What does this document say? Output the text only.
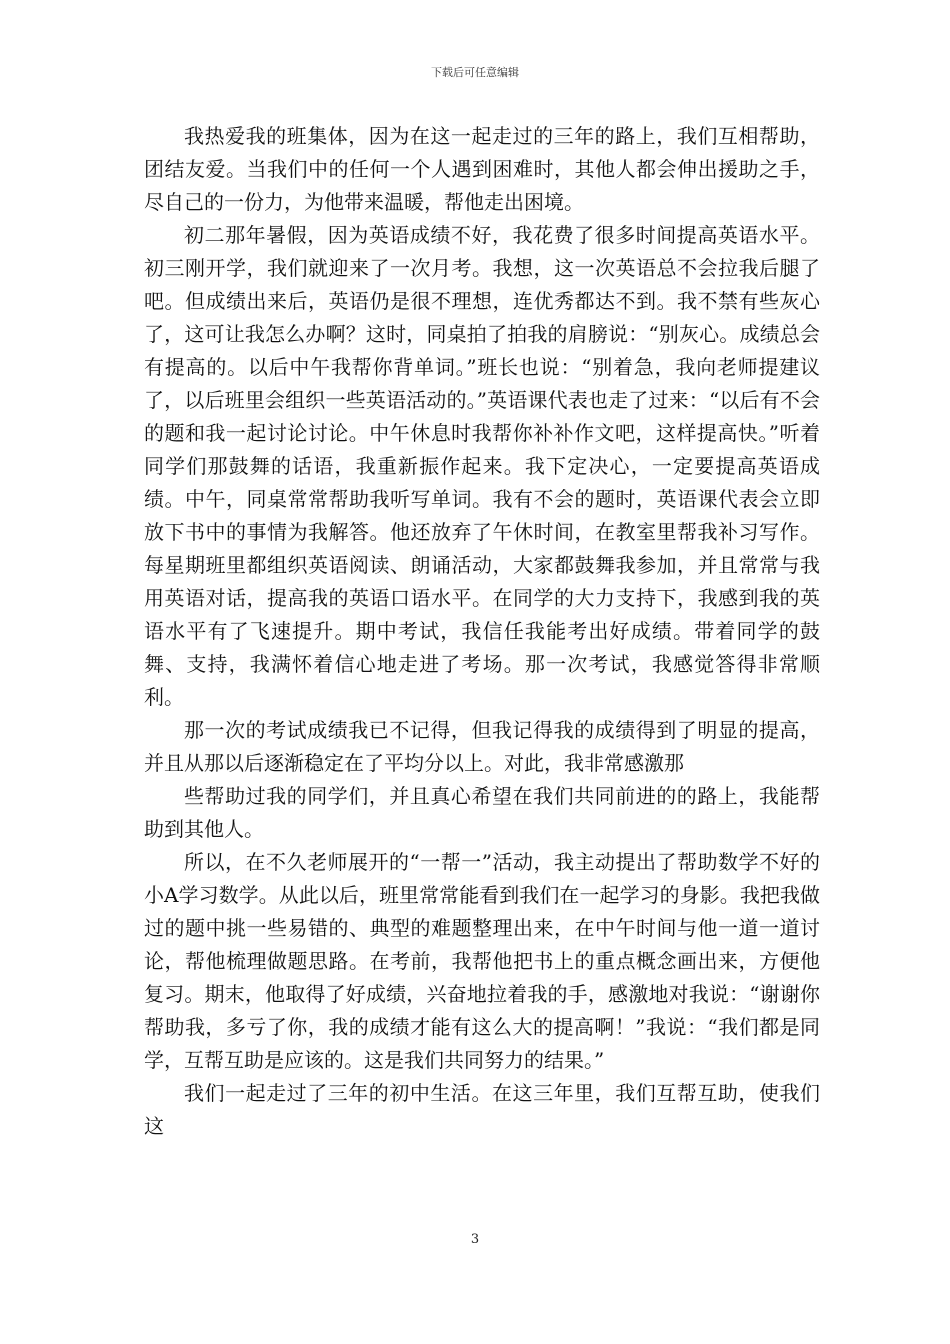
下载后可任意编辑

我热爱我的班集体，因为在这一起走过的三年的路上，我们互相帮助，团结友爱。当我们中的任何一个人遇到困难时，其他人都会伸出援助之手，尽自己的一份力，为他带来温暖，帮他走出困境。

初二那年暑假，因为英语成绩不好，我花费了很多时间提高英语水平。初三刚开学，我们就迎来了一次月考。我想，这一次英语总不会拉我后腿了吧。但成绩出来后，英语仍是很不理想，连优秀都达不到。我不禁有些灰心了，这可让我怎么办啊？这时，同桌拍了拍我的肩膀说：“别灰心。成绩总会有提高的。以后中午我帮你背单词。”班长也说：“别着急，我向老师提建议了，以后班里会组织一些英语活动的。”英语课代表也走了过来：“以后有不会的题和我一起讨论讨论。中午休息时我帮你补补作文吧，这样提高快。”听着同学们那鼓舞的话语，我重新振作起来。我下定决心，一定要提高英语成绩。中午，同桌常常帮助我听写单词。我有不会的题时，英语课代表会立即放下书中的事情为我解答。他还放弃了午休时间，在教室里帮我补习写作。每星期班里都组织英语阅读、朗诵活动，大家都鼓舞我参加，并且常常与我用英语对话，提高我的英语口语水平。在同学的大力支持下，我感到我的英语水平有了飞速提升。期中考试，我信任我能考出好成绩。带着同学的鼓舞、支持，我满怀着信心地走进了考场。那一次考试，我感觉答得非常顺利。

那一次的考试成绩我已不记得，但我记得我的成绩得到了明显的提高，并且从那以后逐渐稳定在了平均分以上。对此，我非常感激那

些帮助过我的同学们，并且真心希望在我们共同前进的的路上，我能帮助到其他人。

所以，在不久老师展开的“一帮一”活动，我主动提出了帮助数学不好的小A学习数学。从此以后，班里常常能看到我们在一起学习的身影。我把我做过的题中挑一些易错的、典型的难题整理出来，在中午时间与他一道一道讨论，帮他梳理做题思路。在考前，我帮他把书上的重点概念画出来，方便他复习。期末，他取得了好成绩，兴奋地拉着我的手，感激地对我说：“谢谢你帮助我，多亏了你，我的成绩才能有这么大的提高啊！”我说：“我们都是同学，互帮互助是应该的。这是我们共同努力的结果。”

我们一起走过了三年的初中生活。在这三年里，我们互帮互助，使我们这

3
